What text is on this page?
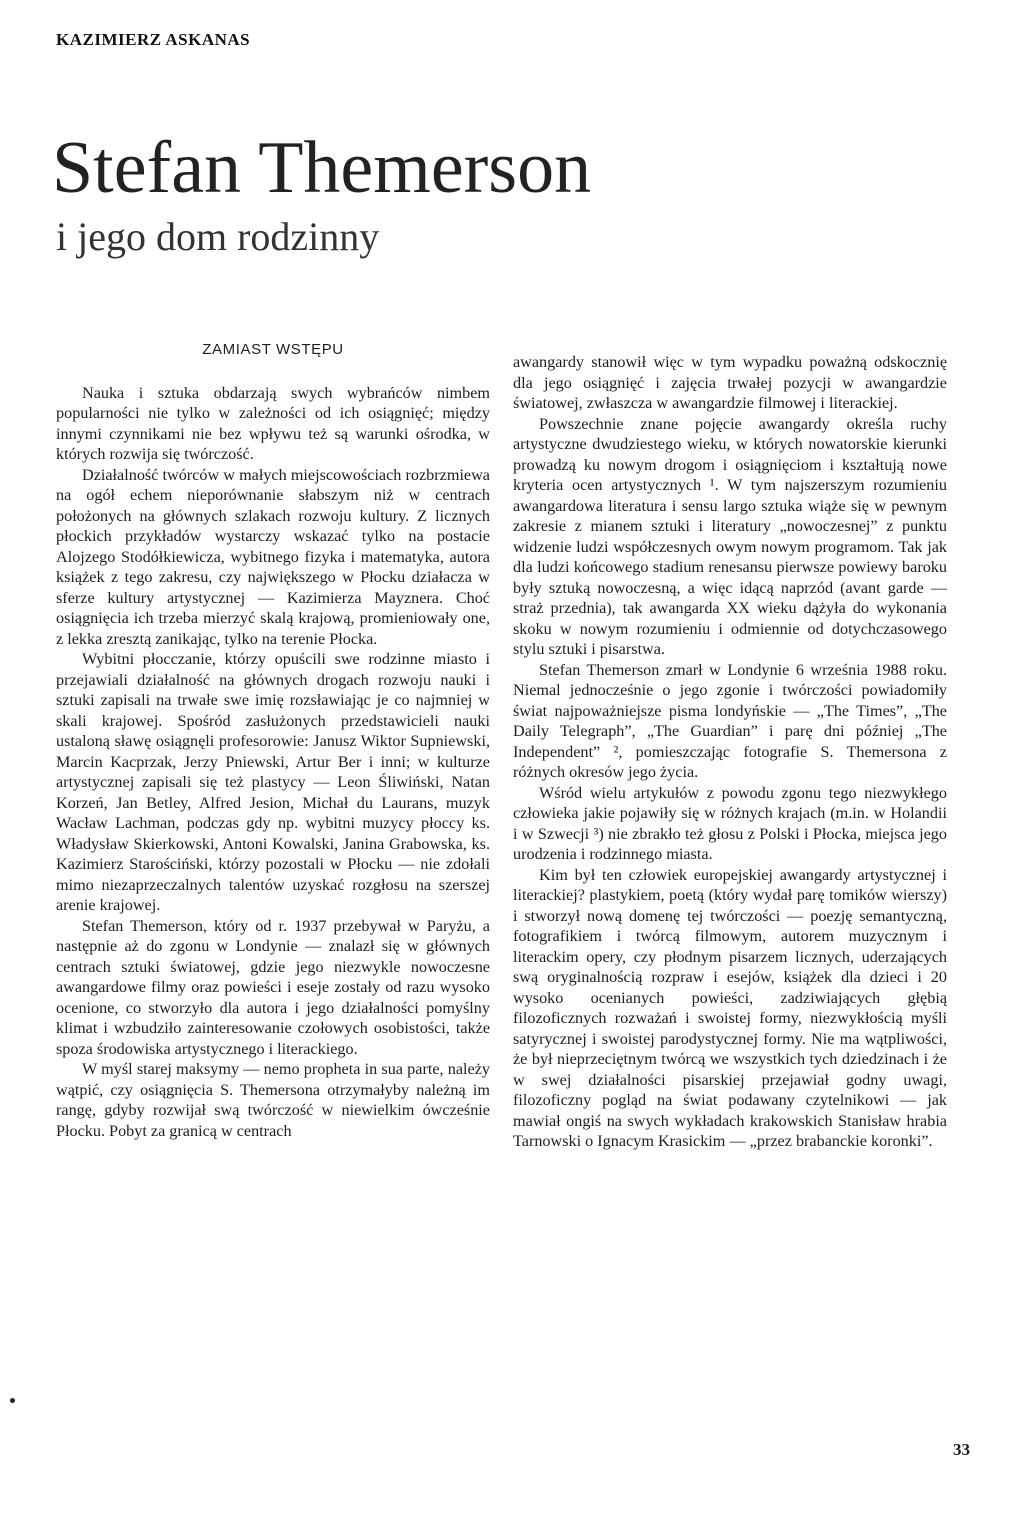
KAZIMIERZ ASKANAS
Stefan Themerson
i jego dom rodzinny
ZAMIAST WSTĘPU

Nauka i sztuka obdarzają swych wybrańców nimbem popularności nie tylko w zależności od ich osiągnięć; między innymi czynnikami nie bez wpływu też są warunki ośrodka, w których rozwija się twórczość.

Działalność twórców w małych miejscowościach rozbrzmiewa na ogół echem nieporównanie słabszym niż w centrach położonych na głównych szlakach rozwoju kultury. Z licznych płockich przykładów wystarczy wskazać tylko na postacie Alojzego Stodółkiewicza, wybitnego fizyka i matematyka, autora książek z tego zakresu, czy największego w Płocku działacza w sferze kultury artystycznej — Kazimierza Mayznera. Choć osiągnięcia ich trzeba mierzyć skalą krajową, promieniowały one, z lekka zresztą zanikając, tylko na terenie Płocka.

Wybitni płocczanie, którzy opuścili swe rodzinne miasto i przejawiali działalność na głównych drogach rozwoju nauki i sztuki zapisali na trwałe swe imię rozsławiając je co najmniej w skali krajowej. Spośród zasłużonych przedstawicieli nauki ustaloną sławę osiągnęli profesorowie: Janusz Wiktor Supniewski, Marcin Kacprzak, Jerzy Pniewski, Artur Ber i inni; w kulturze artystycznej zapisali się też plastycy — Leon Śliwiński, Natan Korzeń, Jan Betley, Alfred Jesion, Michał du Laurans, muzyk Wacław Lachman, podczas gdy np. wybitni muzycy płoccy ks. Władysław Skierkowski, Antoni Kowalski, Janina Grabowska, ks. Kazimierz Starościński, którzy pozostali w Płocku — nie zdołali mimo niezaprzeczalnych talentów uzyskać rozgłosu na szerszej arenie krajowej.

Stefan Themerson, który od r. 1937 przebywał w Paryżu, a następnie aż do zgonu w Londynie — znalazł się w głównych centrach sztuki światowej, gdzie jego niezwykle nowoczesne awangardowe filmy oraz powieści i eseje zostały od razu wysoko ocenione, co stworzyło dla autora i jego działalności pomyślny klimat i wzbudziło zainteresowanie czołowych osobistości, także spoza środowiska artystycznego i literackiego.

W myśl starej maksymy — nemo propheta in sua parte, należy wątpić, czy osiągnięcia S. Themersona otrzymałyby należną im rangę, gdyby rozwijał swą twórczość w niewielkim ówcześnie Płocku. Pobyt za granicą w centrach

awangardy stanowił więc w tym wypadku poważną odskocznię dla jego osiągnięć i zajęcia trwałej pozycji w awangardzie światowej, zwłaszcza w awangardzie filmowej i literackiej.

Powszechnie znane pojęcie awangardy określa ruchy artystyczne dwudziestego wieku, w których nowatorskie kierunki prowadzą ku nowym drogom i osiągnięciom i kształtują nowe kryteria ocen artystycznych ¹. W tym najszerszym rozumieniu awangardowa literatura i sensu largo sztuka wiąże się w pewnym zakresie z mianem sztuki i literatury „nowoczesnej” z punktu widzenie ludzi współczesnych owym nowym programom. Tak jak dla ludzi końcowego stadium renesansu pierwsze powiewy baroku były sztuką nowoczesną, a więc idącą naprzód (avant garde — straż przednia), tak awangarda XX wieku dążyła do wykonania skoku w nowym rozumieniu i odmiennie od dotychczasowego stylu sztuki i pisarstwa.

Stefan Themerson zmarł w Londynie 6 września 1988 roku. Niemal jednocześnie o jego zgonie i twórczości powiadomiły świat najpoważniejsze pisma londyńskie — „The Times”, „The Daily Telegraph”, „The Guardian” i parę dni później „The Independent” ², pomieszczając fotografie S. Themersona z różnych okresów jego życia.

Wśród wielu artykułów z powodu zgonu tego niezwykłego człowieka jakie pojawiły się w różnych krajach (m.in. w Holandii i w Szwecji ³) nie zbrakło też głosu z Polski i Płocka, miejsca jego urodzenia i rodzinnego miasta.

Kim był ten człowiek europejskiej awangardy artystycznej i literackiej? plastykiem, poetą (który wydał parę tomików wierszy) i stworzył nową domenę tej twórczości — poezję semantyczną, fotografikiem i twórcą filmowym, autorem muzycznym i literackim opery, czy płodnym pisarzem licznych, uderzających swą oryginalnością rozpraw i esejów, książek dla dzieci i 20 wysoko ocenianych powieści, zadziwiających głębią filozoficznych rozważań i swoistej formy, niezwykłością myśli satyrycznej i swoistej parodystycznej formy. Nie ma wątpliwości, że był nieprzeciętnym twórcą we wszystkich tych dziedzinach i że w swej działalności pisarskiej przejawiał godny uwagi, filozoficzny pogląd na świat podawany czytelnikowi — jak mawiał ongiś na swych wykładach krakowskich Stanisław hrabia Tarnowski o Ignacym Krasickim — „przez brabanckie koronki”.

33
